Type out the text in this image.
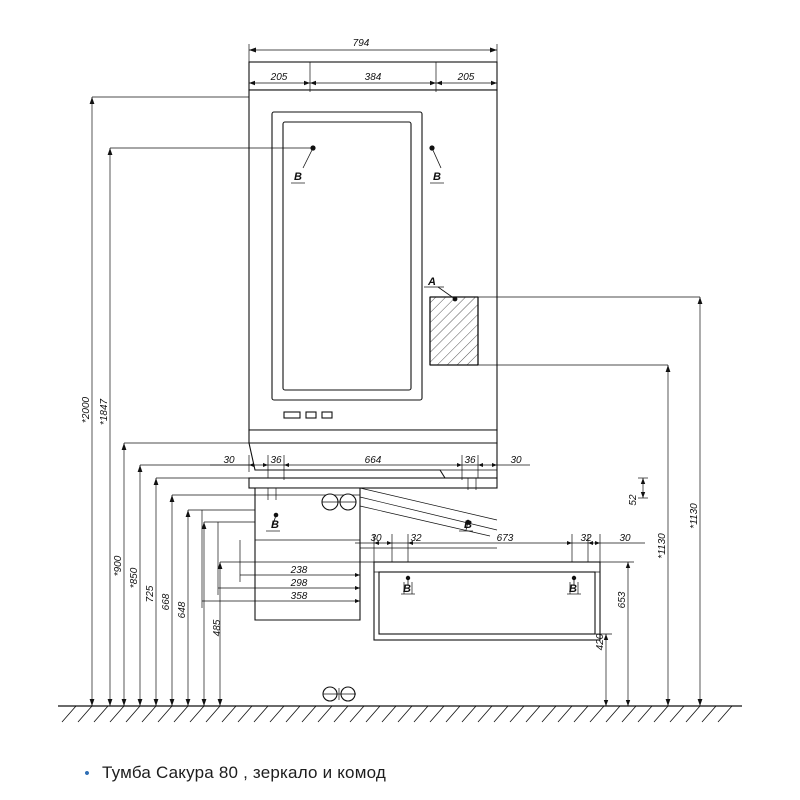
B	B
A
B
B	B
B
794
205	384	205
*2000 *1847
*900
*850
725 668 648
485
30	36	664	36	30
30	32	673	32	30
238
298
358
52
*1130
*1130
653
420
• Тумба Сакура 80 , зеркало и комод
